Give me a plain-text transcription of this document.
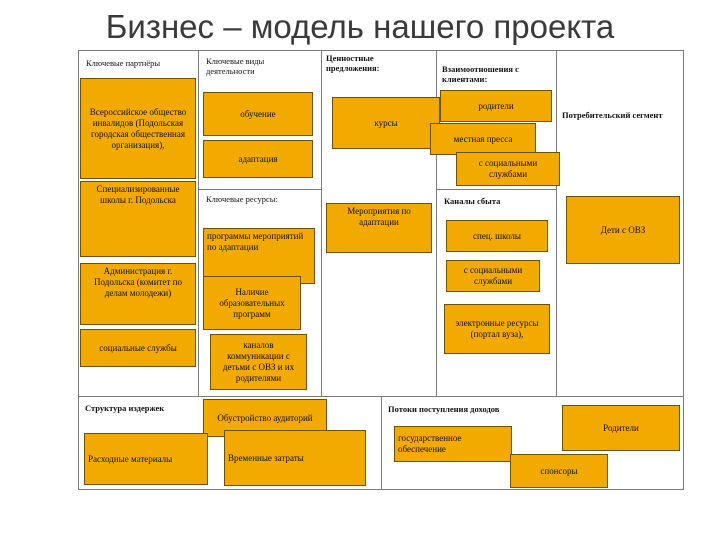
Бизнес – модель нашего проекта
Ключевые партнёры	Ключевые виды деятельности
Ценностные предложения:	Взаимоотношения с клиентами:
Потребительский сегмент
Ключевые ресурсы:	Каналы сбыта
Структура издержек	Потоки поступления доходов
Всероссийское общество инвалидов (Подольская городская общественная организация),
Специализированные школы г. Подольска
Администрация г. Подольска (комитет по делам молодежи)
социальные службы
обучение
адаптация
программы мероприятий по адаптации
Наличие образовательных программ
каналов коммуникации с детьми с ОВЗ и их родителями
курсы
Мероприятия по адаптации
родители
местная пресса
с социальными службами
спец. школы
с социальными службами
электронные ресурсы (портал вуза),
Дети с ОВЗ
Обустройство аудиторий
Расходные материалы	Временные затраты
Родители
государственное обеспечение
спонсоры
